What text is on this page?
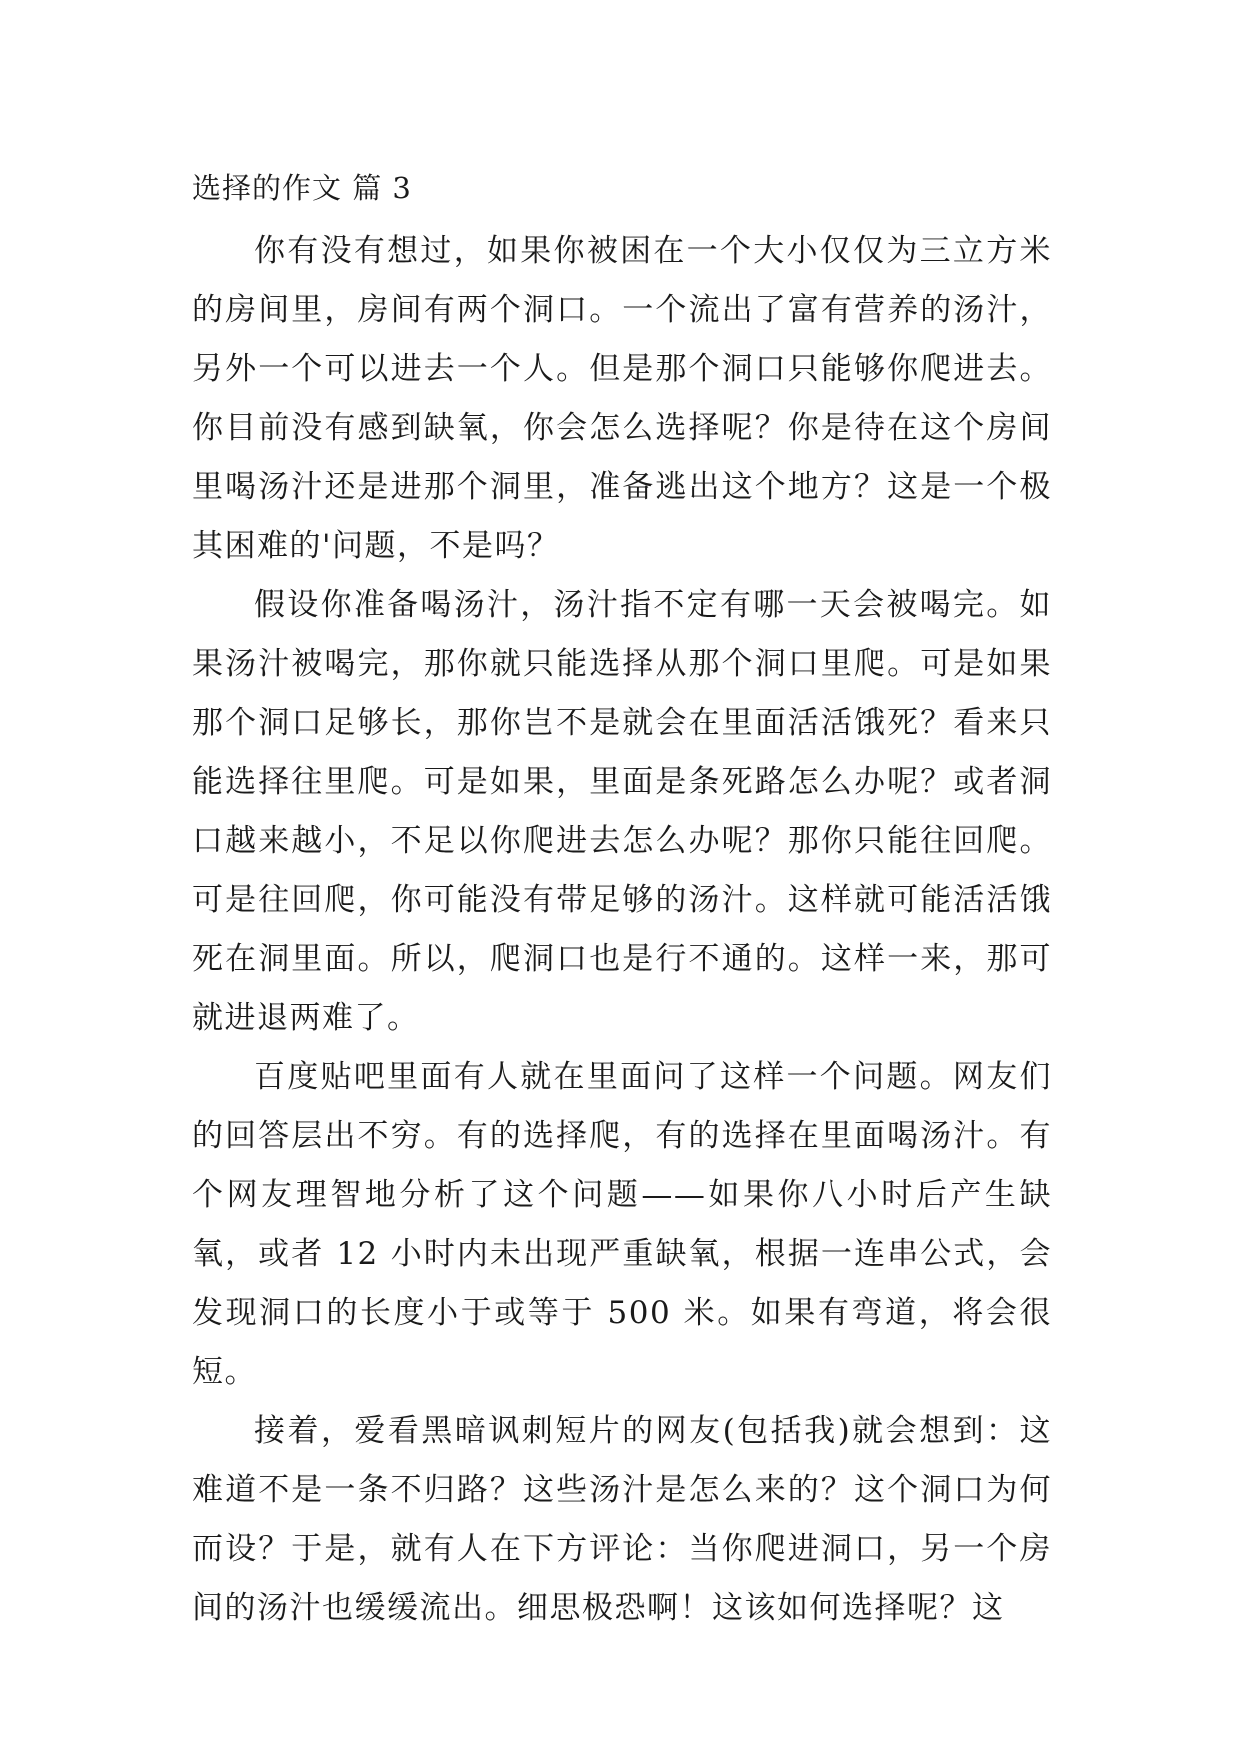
选择的作文 篇 3

你有没有想过，如果你被困在一个大小仅仅为三立方米的房间里，房间有两个洞口。一个流出了富有营养的汤汁，另外一个可以进去一个人。但是那个洞口只能够你爬进去。你目前没有感到缺氧，你会怎么选择呢？你是待在这个房间里喝汤汁还是进那个洞里，准备逃出这个地方？这是一个极其困难的'问题，不是吗？

假设你准备喝汤汁，汤汁指不定有哪一天会被喝完。如果汤汁被喝完，那你就只能选择从那个洞口里爬。可是如果那个洞口足够长，那你岂不是就会在里面活活饿死？看来只能选择往里爬。可是如果，里面是条死路怎么办呢？或者洞口越来越小，不足以你爬进去怎么办呢？那你只能往回爬。可是往回爬，你可能没有带足够的汤汁。这样就可能活活饿死在洞里面。所以，爬洞口也是行不通的。这样一来，那可就进退两难了。

百度贴吧里面有人就在里面问了这样一个问题。网友们的回答层出不穷。有的选择爬，有的选择在里面喝汤汁。有个网友理智地分析了这个问题——如果你八小时后产生缺氧，或者 12 小时内未出现严重缺氧，根据一连串公式，会发现洞口的长度小于或等于 500 米。如果有弯道，将会很短。

接着，爱看黑暗讽刺短片的网友(包括我)就会想到：这难道不是一条不归路？这些汤汁是怎么来的？这个洞口为何而设？于是，就有人在下方评论：当你爬进洞口，另一个房间的汤汁也缓缓流出。细思极恐啊！这该如何选择呢？这
